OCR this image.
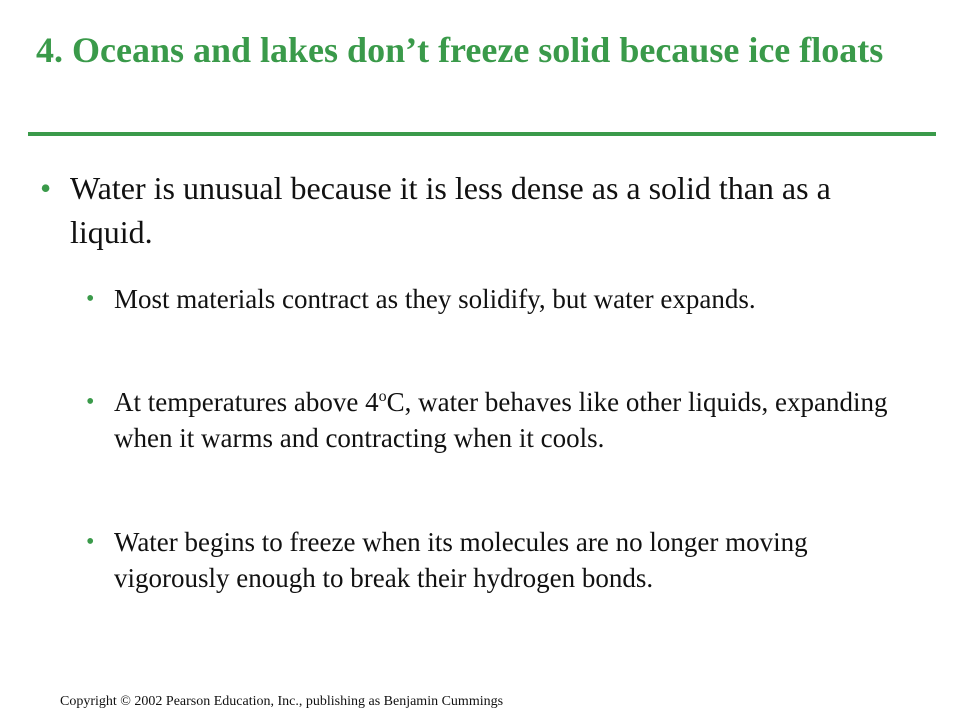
4. Oceans and lakes don’t freeze solid because ice floats
• Water is unusual because it is less dense as a solid than as a liquid.
• Most materials contract as they solidify, but water expands.
• At temperatures above 4$^o$C, water behaves like other liquids, expanding when it warms and contracting when it cools.
• Water begins to freeze when its molecules are no longer moving vigorously enough to break their hydrogen bonds.
Copyright © 2002 Pearson Education, Inc., publishing as Benjamin Cummings
